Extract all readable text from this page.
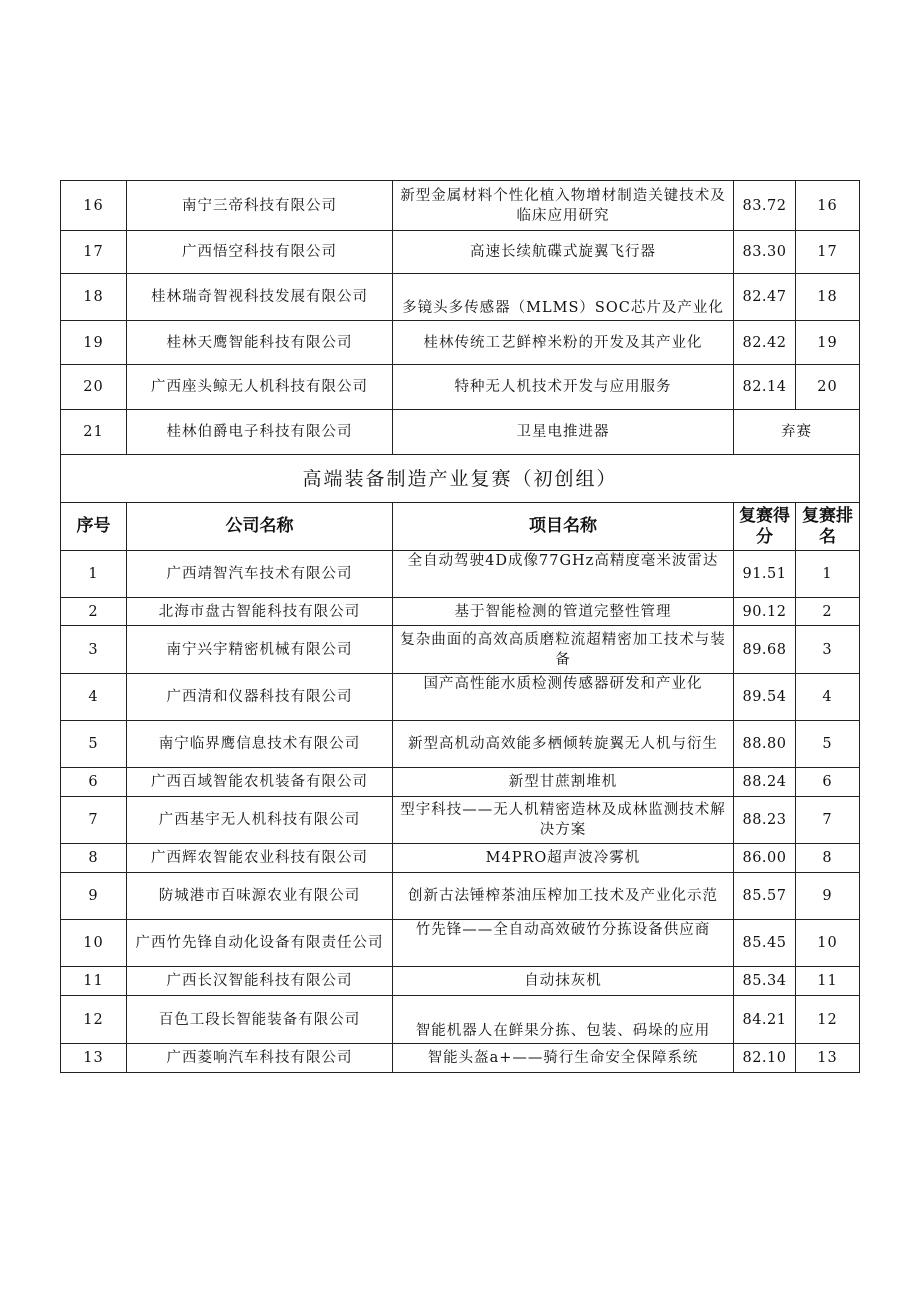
16	南宁三帝科技有限公司	新型金属材料个性化植入物增材制造关键技术及临床应用研究	83.72	16
17	广西悟空科技有限公司	高速长续航碟式旋翼飞行器	83.30	17
18	桂林瑞奇智视科技发展有限公司	多镜头多传感器（MLMS）SOC芯片及产业化	82.47	18
19	桂林天鹰智能科技有限公司	桂林传统工艺鲜榨米粉的开发及其产业化	82.42	19
20	广西座头鲸无人机科技有限公司	特种无人机技术开发与应用服务	82.14	20
21	桂林伯爵电子科技有限公司	卫星电推进器	弃赛	
高端装备制造产业复赛（初创组）				
序号	公司名称	项目名称	复赛得分	复赛排名
1	广西靖智汽车技术有限公司	全自动驾驶4D成像77GHz高精度毫米波雷达	91.51	1
2	北海市盘古智能科技有限公司	基于智能检测的管道完整性管理	90.12	2
3	南宁兴宇精密机械有限公司	复杂曲面的高效高质磨粒流超精密加工技术与装备	89.68	3
4	广西清和仪器科技有限公司	国产高性能水质检测传感器研发和产业化	89.54	4
5	南宁临界鹰信息技术有限公司	新型高机动高效能多栖倾转旋翼无人机与衍生	88.80	5
6	广西百域智能农机装备有限公司	新型甘蔗割堆机	88.24	6
7	广西基宇无人机科技有限公司	型宇科技——无人机精密造林及成林监测技术解决方案	88.23	7
8	广西辉农智能农业科技有限公司	M4PRO超声波冷雾机	86.00	8
9	防城港市百味源农业有限公司	创新古法锤榨茶油压榨加工技术及产业化示范	85.57	9
10	广西竹先锋自动化设备有限责任公司	竹先锋——全自动高效破竹分拣设备供应商	85.45	10
11	广西长汉智能科技有限公司	自动抹灰机	85.34	11
12	百色工段长智能装备有限公司	智能机器人在鲜果分拣、包装、码垛的应用	84.21	12
13	广西菱响汽车科技有限公司	智能头盔a+——骑行生命安全保障系统	82.10	13
